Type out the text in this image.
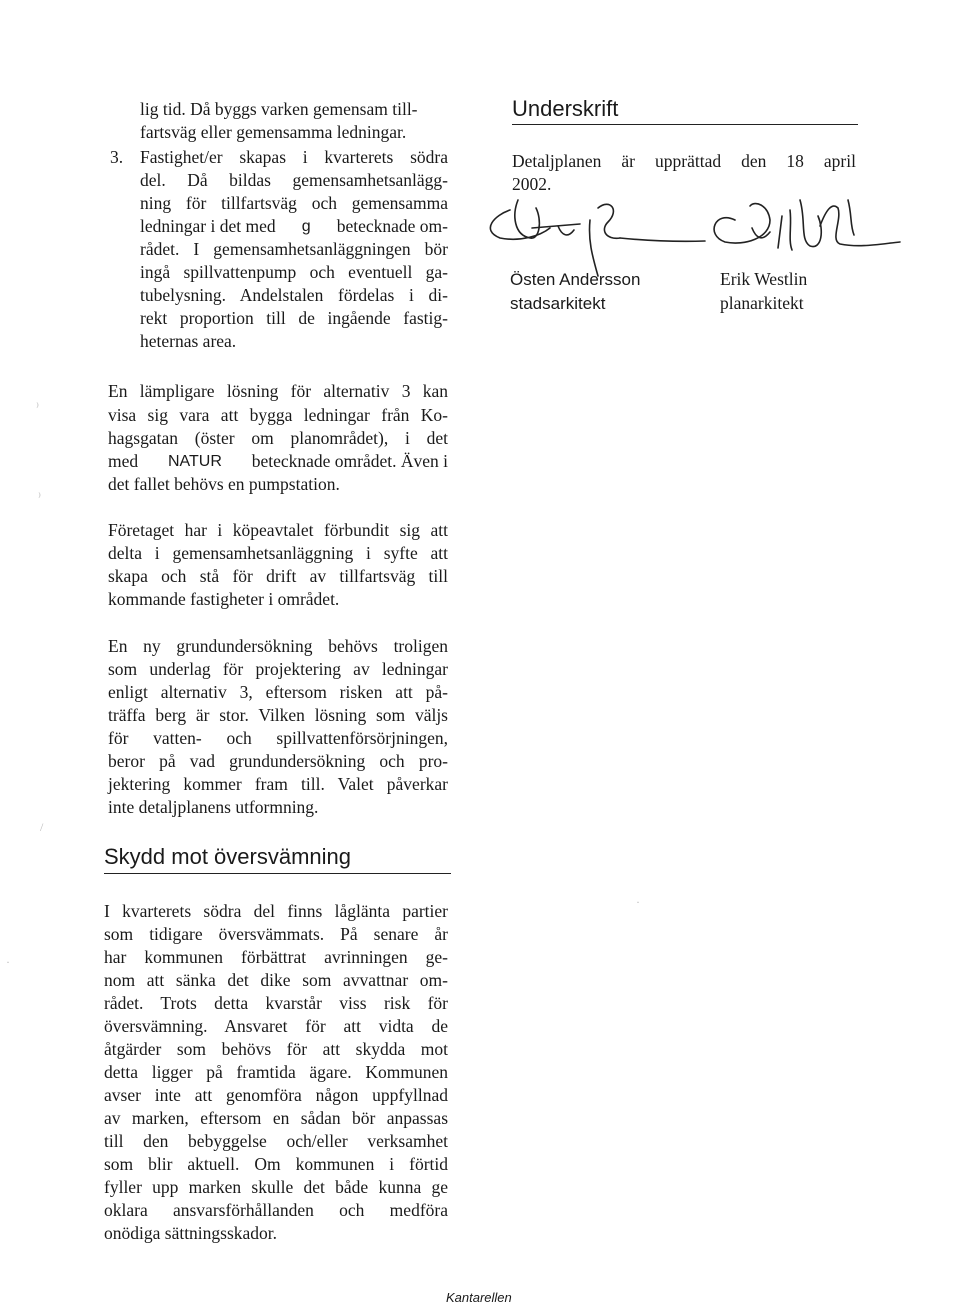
lig tid. Då byggs varken gemensam till-
fartsväg eller gemensamma ledningar.
3. Fastighet/er skapas i kvarterets södra
del. Då bildas gemensamhetsanlägg-
ning för tillfartsväg och gemensamma
ledningar i det med g betecknade om-
rådet. I gemensamhetsanläggningen bör
ingå spillvattenpump och eventuell ga-
tubelysning. Andelstalen fördelas i di-
rekt proportion till de ingående fastig-
heternas area.
En lämpligare lösning för alternativ 3 kan
visa sig vara att bygga ledningar från Ko-
hagsgatan (öster om planområdet), i det
med NATUR betecknade området. Även i
det fallet behövs en pumpstation.
Företaget har i köpeavtalet förbundit sig att
delta i gemensamhetsanläggning i syfte att
skapa och stå för drift av tillfartsväg till
kommande fastigheter i området.
En ny grundundersökning behövs troligen
som underlag för projektering av ledningar
enligt alternativ 3, eftersom risken att på-
träffa berg är stor. Vilken lösning som väljs
för vatten- och spillvattenförsörjningen,
beror på vad grundundersökning och pro-
jektering kommer fram till. Valet påverkar
inte detaljplanens utformning.
Skydd mot översvämning
I kvarterets södra del finns låglänta partier
som tidigare översvämmats. På senare år
har kommunen förbättrat avrinningen ge-
nom att sänka det dike som avvattnar om-
rådet. Trots detta kvarstår viss risk för
översvämning. Ansvaret för att vidta de
åtgärder som behövs för att skydda mot
detta ligger på framtida ägare. Kommunen
avser inte att genomföra någon uppfyllnad
av marken, eftersom en sådan bör anpassas
till den bebyggelse och/eller verksamhet
som blir aktuell. Om kommunen i förtid
fyller upp marken skulle det både kunna ge
oklara ansvarsförhållanden och medföra
onödiga sättningsskador.
Underskrift
Detaljplanen är upprättad den 18 april
2002.
Östen Andersson
stadsarkitekt
Erik Westlin
planarkitekt
⁾
⁾
/
·
·
Kantarellen
